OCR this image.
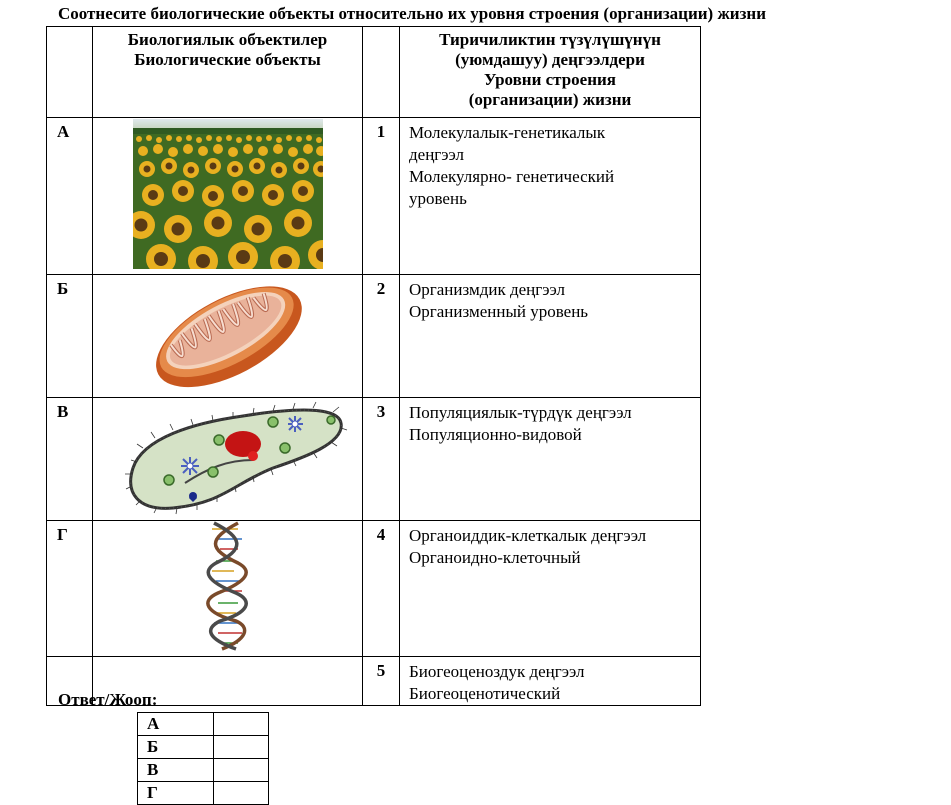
Соотнесите биологические объекты относительно их уровня строения (организации) жизни

	Биологиялык объектилер
Биологические объекты		Тиричиликтин түзүлүшүнүн
(уюмдашуу) деңгээлдери
Уровни строения
(организации) жизни

А		1	Молекулалык-генетикалык
деңгээл
Молекулярно- генетический
уровень

Б		2	Организмдик деңгээл
Организменный уровень

В		3	Популяциялык-түрдүк деңгээл
Популяционно-видовой

Г		4	Органоиддик-клеткалык деңгээл
Органоидно-клеточный

		5	Биогеоценоздук деңгээл
Биогеоценотический
Ответ/Жооп:
А	
Б	
В	
Г	
